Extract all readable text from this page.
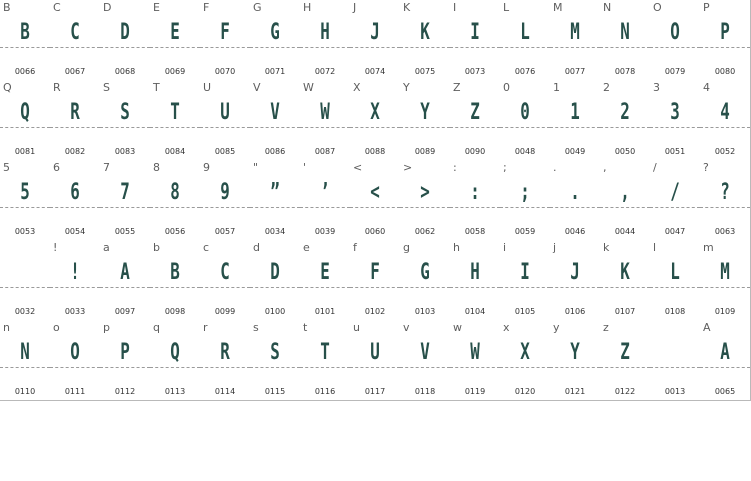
B
B
0066
C
C
0067
D
D
0068
E
E
0069
F
F
0070
G
G
0071
H
H
0072
J
J
0074
K
K
0075
I
I
0073
L
L
0076
M
M
0077
N
N
0078
O
O
0079
P
P
0080
Q
Q
0081
R
R
0082
S
S
0083
T
T
0084
U
U
0085
V
V
0086
W
W
0087
X
X
0088
Y
Y
0089
Z
Z
0090
0
0
0048
1
1
0049
2
2
0050
3
3
0051
4
4
0052
5
5
0053
6
6
0054
7
7
0055
8
8
0056
9
9
0057
"
”
0034
'
’
0039
<
<
0060
>
>
0062
:
:
0058
;
;
0059
.
.
0046
,
,
0044
/
/
0047
?
?
0063
0032
!
!
0033
a
A
0097
b
B
0098
c
C
0099
d
D
0100
e
E
0101
f
F
0102
g
G
0103
h
H
0104
i
I
0105
j
J
0106
k
K
0107
l
L
0108
m
M
0109
n
N
0110
o
O
0111
p
P
0112
q
Q
0113
r
R
0114
s
S
0115
t
T
0116
u
U
0117
v
V
0118
w
W
0119
x
X
0120
y
Y
0121
z
Z
0122	0013
A
A
0065
